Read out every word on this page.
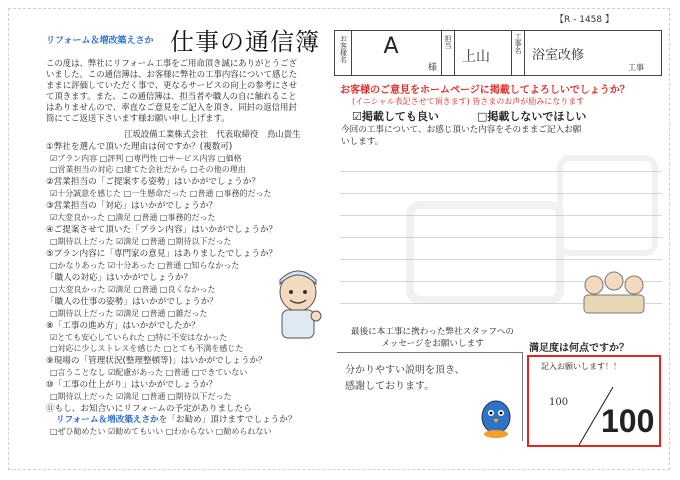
リフォーム＆増改築えさか 仕事の通信簿
この度は、弊社にリフォーム工事をご用命頂き誠にありがとうござ
いました。この通信簿は、お客様に弊社の工事内容について感じた
ままに評価していただく事で、更なるサービスの向上の参考にさせ
て頂きます。また、この通信簿は、担当者や職人の自に触れること
はありませんので、率直なご意見をご記入を頂き、同封の返信用封
筒にてご返送下さいます様お願い申し上げます。
江坂設備工業株式会社 代表取締役 鳥山貴生
①弊社を選んで頂いた理由は何ですか？(複数可)
☑プラン内容 □評判 □専門性 □サービス内容 □価格
□営業担当の対応 □建てた会社だから □その他の理由
②営業担当の「ご提案する姿勢」はいかがでしょうか？
☑十分誠意を感じた □一生懸命だった □普通 □事務的だった
③営業担当の「対応」はいかがでしょうか？
☑大変良かった □満足 □普通 □事務的だった
④ご提案させて頂いた「プラン内容」はいかがでしょうか？
□期待以上だった ☑満足 □普通 □期待以下だった
⑤プラン内容に「専門家の意見」はありましたでしょうか？
□かなりあった ☑十分あった □普通 □知らなかった
「職人の対応」はいかがでしょうか？
□大変良かった ☑満足 □普通 □良くなかった
「職人の仕事の姿勢」はいかがでしょうか？
□期待以上だった ☑満足 □普通 □雑だった
⑧「工事の進め方」はいかがでしたか？
☑とても安心していられた □特に不安はなかった
□対応に少しストレスを感じた □とても不満を感じた
⑨現場の「管理状況(整理整頓等)」はいかがでしょうか？
□言うことなし ☑配慮があった □普通 □できていない
⑩「工事の仕上がり」はいかがでしょうか？
□期待以上だった ☑満足 □普通 □期待以下だった
⑪もし、お知合いにリフォームの予定がありましたら
リフォーム＆増改築えさかを「お勧め」頂けますでしょうか？
□ぜひ勧めたい ☑勧めてもいい □わからない □勧められない
【R - 1458 】
お客様名	A
様
担当
上山
工事名
浴室改修
工事
お客様のご意見をホームページに掲載してよろしいでしょうか？
(イニシャル表記させて頂きます) 皆さまのお声が励みになります
☑掲載しても良い	□掲載しないでほしい
今回の工事について、お感じ頂いた内容をそのままご記入お願
いします。
最後に本工事に携わった弊社スタッフへの
メッセージをお願いします
分かりやすい説明を頂き、
感謝しております。
満足度は何点ですか？
記入お願いします！！
100
100
